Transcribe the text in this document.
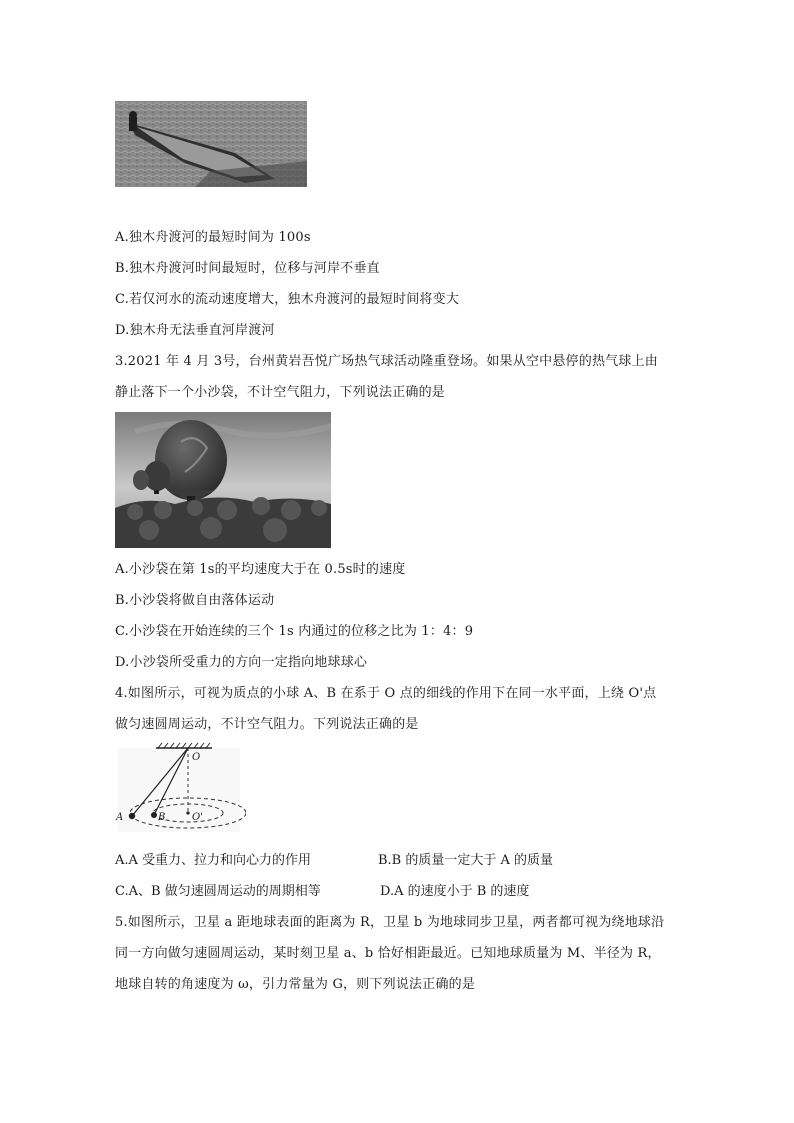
A.独木舟渡河的最短时间为 100s
B.独木舟渡河时间最短时，位移与河岸不垂直
C.若仅河水的流动速度增大，独木舟渡河的最短时间将变大
D.独木舟无法垂直河岸渡河
3.2021 年 4 月 3号，台州黄岩吾悦广场热气球活动隆重登场。如果从空中悬停的热气球上由
静止落下一个小沙袋，不计空气阻力，下列说法正确的是
A.小沙袋在第 1s的平均速度大于在 0.5s时的速度
B.小沙袋将做自由落体运动
C.小沙袋在开始连续的三个 1s 内通过的位移之比为 1：4：9
D.小沙袋所受重力的方向一定指向地球球心
4.如图所示，可视为质点的小球 A、B 在系于 O 点的细线的作用下在同一水平面，上绕 O'点
做匀速圆周运动，不计空气阻力。下列说法正确的是
O
A	B	O'
A.A 受重力、拉力和向心力的作用	B.B 的质量一定大于 A 的质量
C.A、B 做匀速圆周运动的周期相等	D.A 的速度小于 B 的速度
5.如图所示，卫星 a 距地球表面的距离为 R，卫星 b 为地球同步卫星，两者都可视为绕地球沿
同一方向做匀速圆周运动，某时刻卫星 a、b 恰好相距最近。已知地球质量为 M、半径为 R，
地球自转的角速度为 ω，引力常量为 G，则下列说法正确的是
